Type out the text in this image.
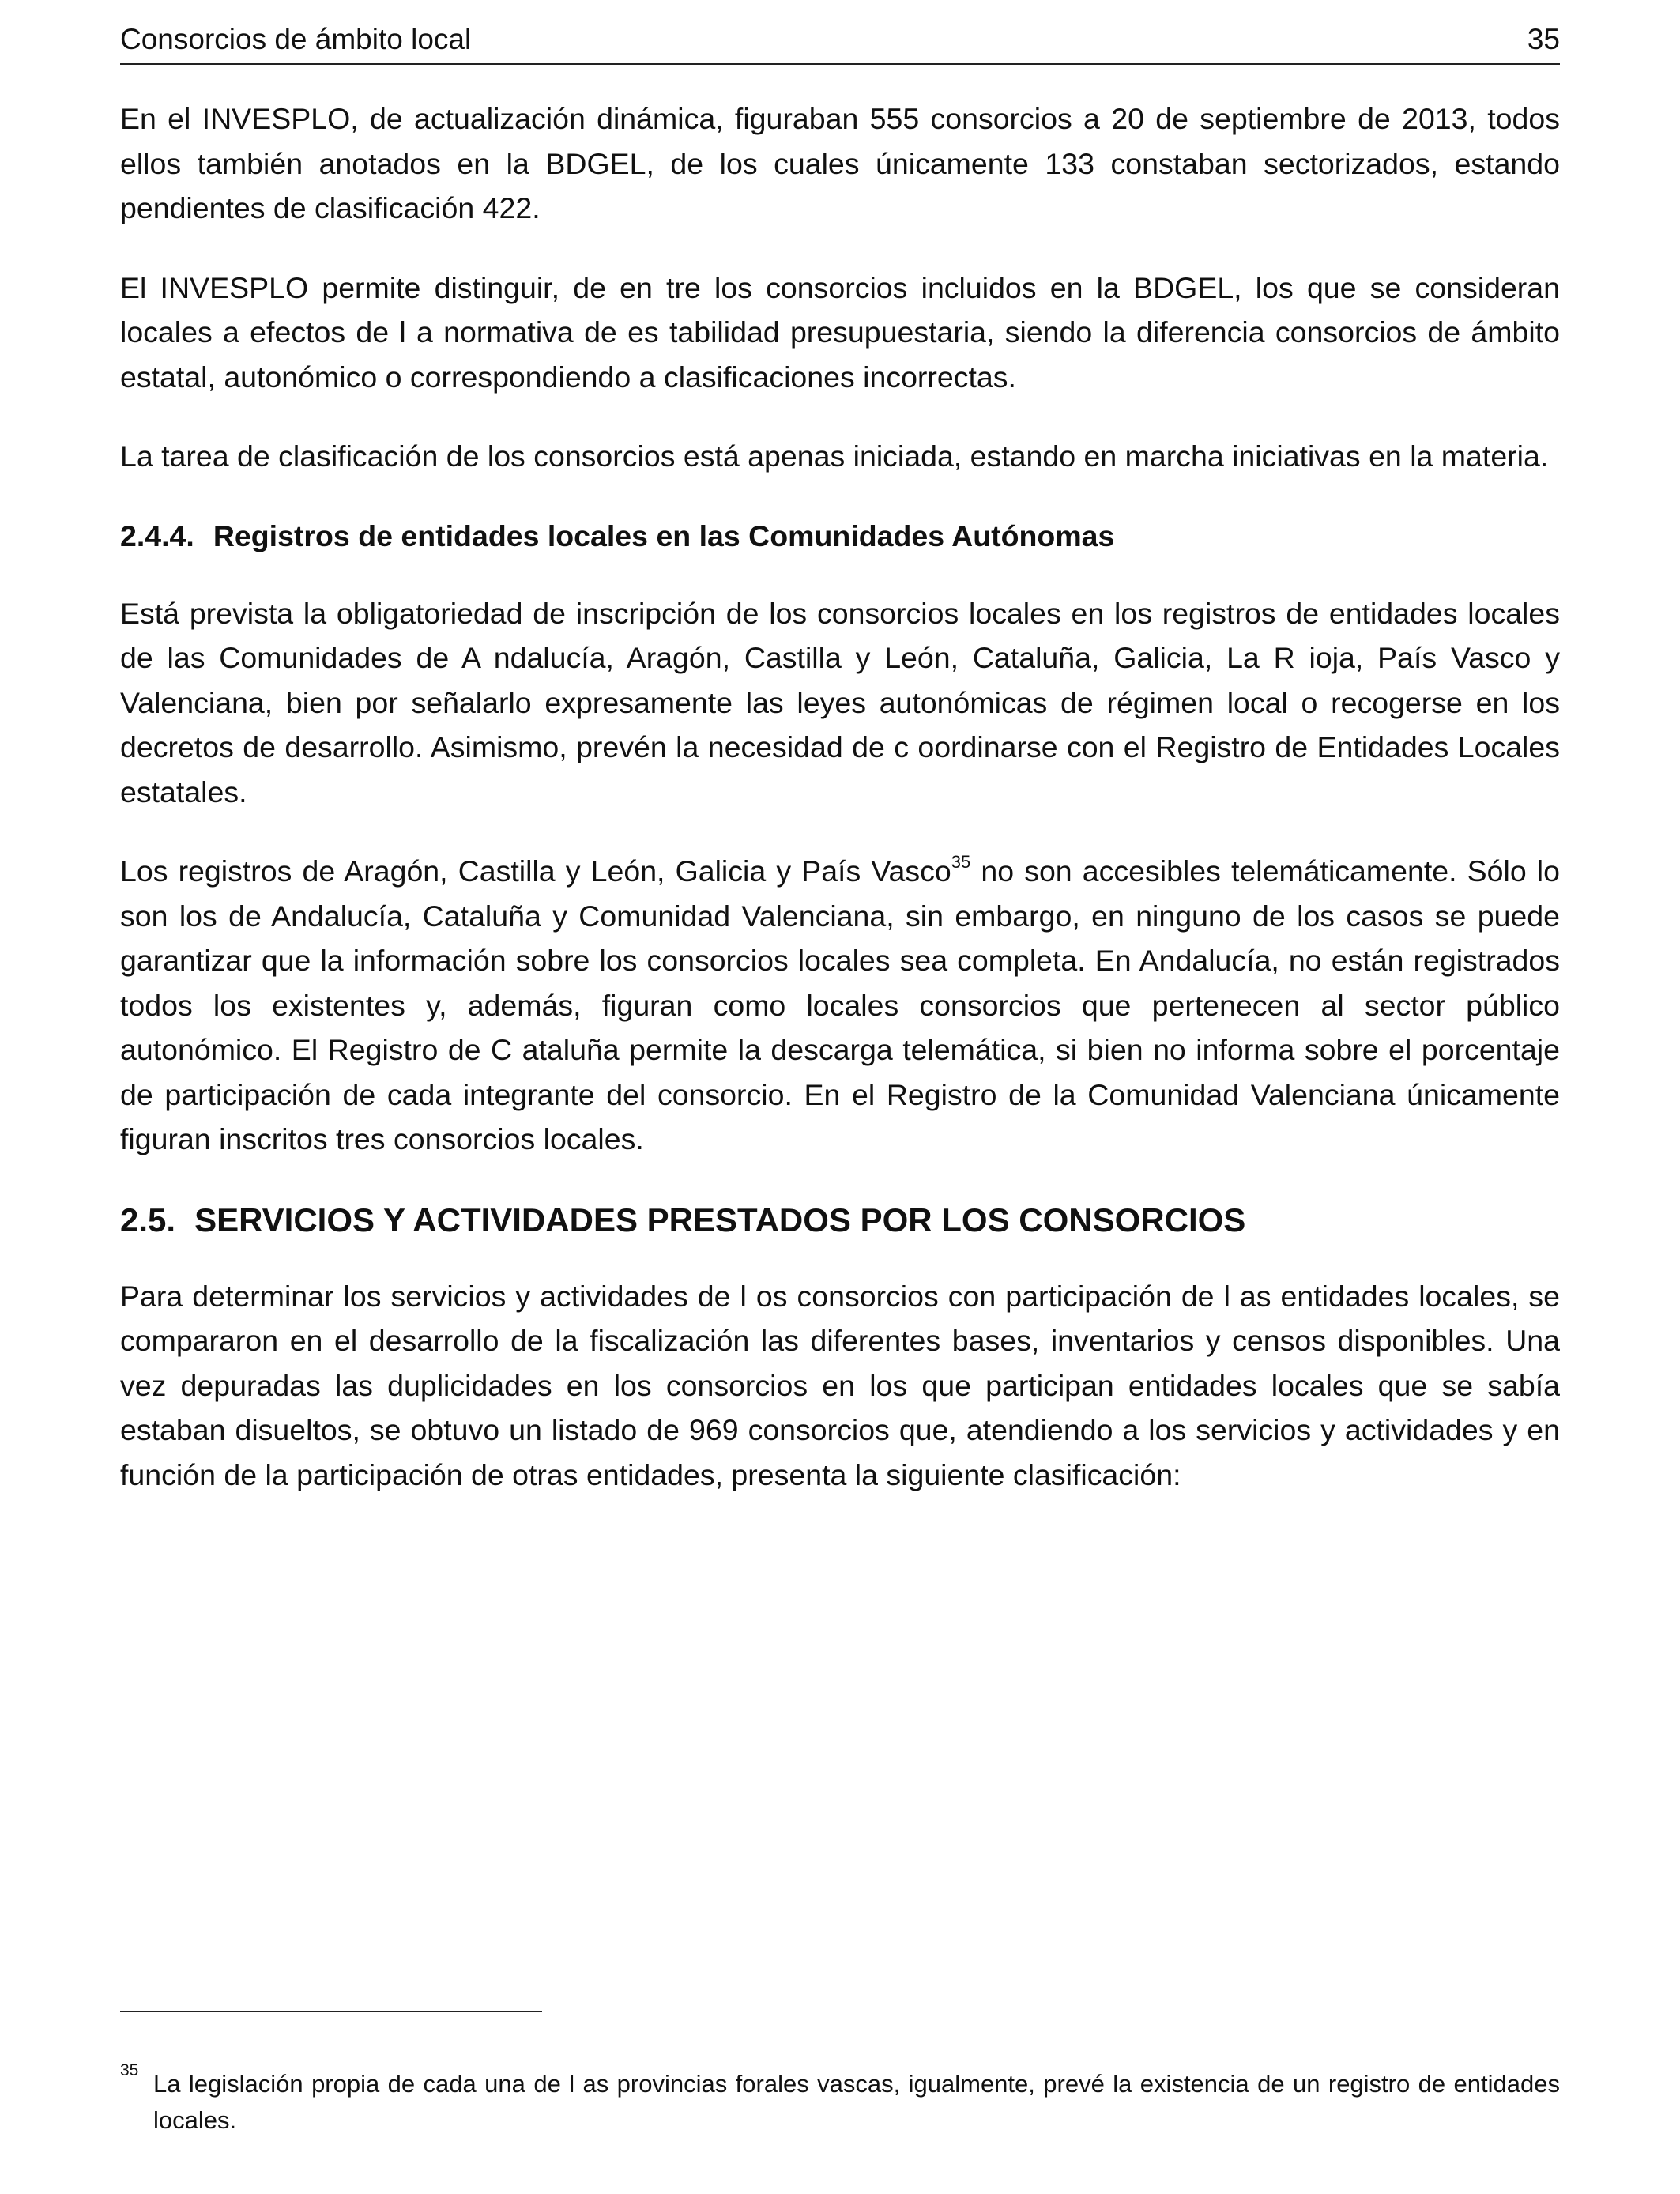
Consorcios de ámbito local	35

En el INVESPLO, de actualización dinámica, figuraban 555 consorcios a 20 de septiembre de 2013, todos ellos también anotados en la BDGEL, de los cuales únicamente 133 constaban sectorizados, estando pendientes de clasificación 422.

El INVESPLO permite distinguir, de en tre los consorcios incluidos en la BDGEL, los que se consideran locales a efectos de l a normativa de es tabilidad presupuestaria, siendo la diferencia consorcios de ámbito estatal, autonómico o correspondiendo a clasificaciones incorrectas.

La tarea de clasificación de los consorcios está apenas iniciada, estando en marcha iniciativas en la materia.

2.4.4. Registros de entidades locales en las Comunidades Autónomas

Está prevista la obligatoriedad de inscripción de los consorcios locales en los registros de entidades locales de las Comunidades de A ndalucía, Aragón, Castilla y León, Cataluña, Galicia, La R ioja, País Vasco y Valenciana, bien por señalarlo expresamente las leyes autonómicas de régimen local o recogerse en los decretos de desarrollo. Asimismo, prevén la necesidad de c oordinarse con el Registro de Entidades Locales estatales.

Los registros de Aragón, Castilla y León, Galicia y País Vasco$^{35}$ no son accesibles telemáticamente. Sólo lo son los de Andalucía, Cataluña y Comunidad Valenciana, sin embargo, en ninguno de los casos se puede garantizar que la información sobre los consorcios locales sea completa. En Andalucía, no están registrados todos los existentes y, además, figuran como locales consorcios que pertenecen al sector público autonómico. El Registro de C ataluña permite la descarga telemática, si bien no informa sobre el porcentaje de participación de cada integrante del consorcio. En el Registro de la Comunidad Valenciana únicamente figuran inscritos tres consorcios locales.

2.5. SERVICIOS Y ACTIVIDADES PRESTADOS POR LOS CONSORCIOS

Para determinar los servicios y actividades de l os consorcios con participación de l as entidades locales, se compararon en el desarrollo de la fiscalización las diferentes bases, inventarios y censos disponibles. Una vez depuradas las duplicidades en los consorcios en los que participan entidades locales que se sabía estaban disueltos, se obtuvo un listado de 969 consorcios que, atendiendo a los servicios y actividades y en función de la participación de otras entidades, presenta la siguiente clasificación:

35 La legislación propia de cada una de l as provincias forales vascas, igualmente, prevé la existencia de un registro de entidades locales.
